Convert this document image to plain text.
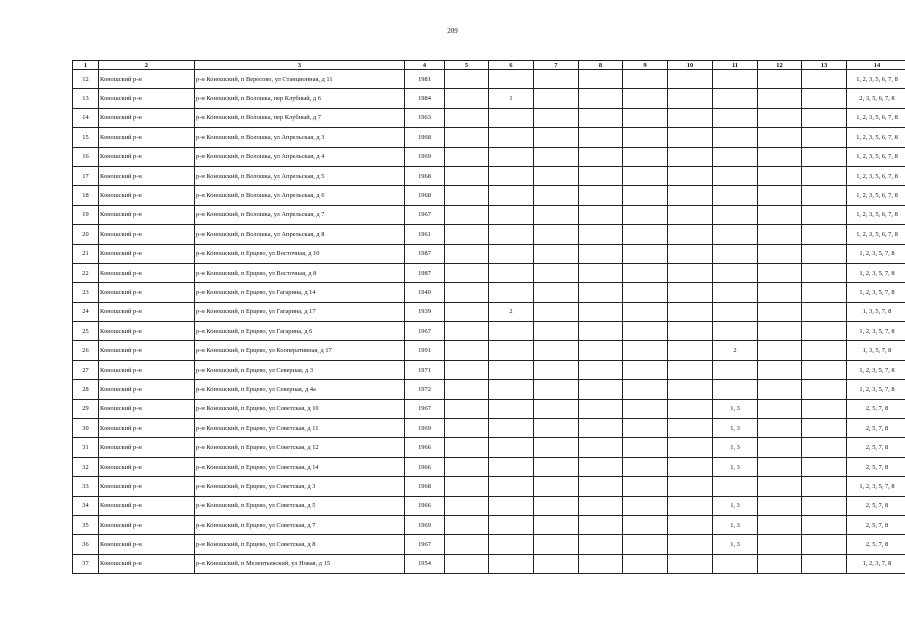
209
1	2	3	4	5	6	7	8	9	10	11	12	13	14
12	Коношский р-н	р-н Коношский, п Вересово, ул Станционная, д 11	1981										1, 2, 3, 5, 6, 7, 8
13	Коношский р-н	р-н Коношский, п Волошка, пер Клубный, д 6	1984		1								2, 3, 5, 6, 7, 8
14	Коношский р-н	р-н Коношский, п Волошка, пер Клубный, д 7	1963										1, 2, 3, 5, 6, 7, 8
15	Коношский р-н	р-н Коношский, п Волошка, ул Апрельская, д 3	1968										1, 2, 3, 5, 6, 7, 8
16	Коношский р-н	р-н Коношский, п Волошка, ул Апрельская, д 4	1969										1, 2, 3, 5, 6, 7, 8
17	Коношский р-н	р-н Коношский, п Волошка, ул Апрельская, д 5	1968										1, 2, 3, 5, 6, 7, 8
18	Коношский р-н	р-н Коношский, п Волошка, ул Апрельская, д 6	1968										1, 2, 3, 5, 6, 7, 8
19	Коношский р-н	р-н Коношский, п Волошка, ул Апрельская, д 7	1967										1, 2, 3, 5, 6, 7, 8
20	Коношский р-н	р-н Коношский, п Волошка, ул Апрельская, д 8	1961										1, 2, 3, 5, 6, 7, 8
21	Коношский р-н	р-н Коношский, п Ерцево, ул Восточная, д 10	1987										1, 2, 3, 5, 7, 8
22	Коношский р-н	р-н Коношский, п Ерцево, ул Восточная, д 8	1987										1, 2, 3, 5, 7, 8
23	Коношский р-н	р-н Коношский, п Ерцево, ул Гагарина, д 14	1940										1, 2, 3, 5, 7, 8
24	Коношский р-н	р-н Коношский, п Ерцево, ул Гагарина, д 17	1939		2								1, 3, 5, 7, 8
25	Коношский р-н	р-н Коношский, п Ерцево, ул Гагарина, д 6	1967										1, 2, 3, 5, 7, 8
26	Коношский р-н	р-н Коношский, п Ерцево, ул Кооперативная, д 17	1991							2			1, 3, 5, 7, 8
27	Коношский р-н	р-н Коношский, п Ерцево, ул Северная, д 3	1971										1, 2, 3, 5, 7, 8
28	Коношский р-н	р-н Коношский, п Ерцево, ул Северная, д 4а	1972										1, 2, 3, 5, 7, 8
29	Коношский р-н	р-н Коношский, п Ерцево, ул Советская, д 10	1967							1, 3			2, 5, 7, 8
30	Коношский р-н	р-н Коношский, п Ерцево, ул Советская, д 11	1969							1, 3			2, 5, 7, 8
31	Коношский р-н	р-н Коношский, п Ерцево, ул Советская, д 12	1966							1, 3			2, 5, 7, 8
32	Коношский р-н	р-н Коношский, п Ерцево, ул Советская, д 14	1966							1, 3			2, 5, 7, 8
33	Коношский р-н	р-н Коношский, п Ерцево, ул Советская, д 3	1968										1, 2, 3, 5, 7, 8
34	Коношский р-н	р-н Коношский, п Ерцево, ул Советская, д 5	1966							1, 3			2, 5, 7, 8
35	Коношский р-н	р-н Коношский, п Ерцево, ул Советская, д 7	1969							1, 3			2, 5, 7, 8
36	Коношский р-н	р-н Коношский, п Ерцево, ул Советская, д 8	1967							1, 3			2, 5, 7, 8
37	Коношский р-н	р-н Коношский, п Мелентьевский, ул Новая, д 15	1954										1, 2, 3, 7, 8
